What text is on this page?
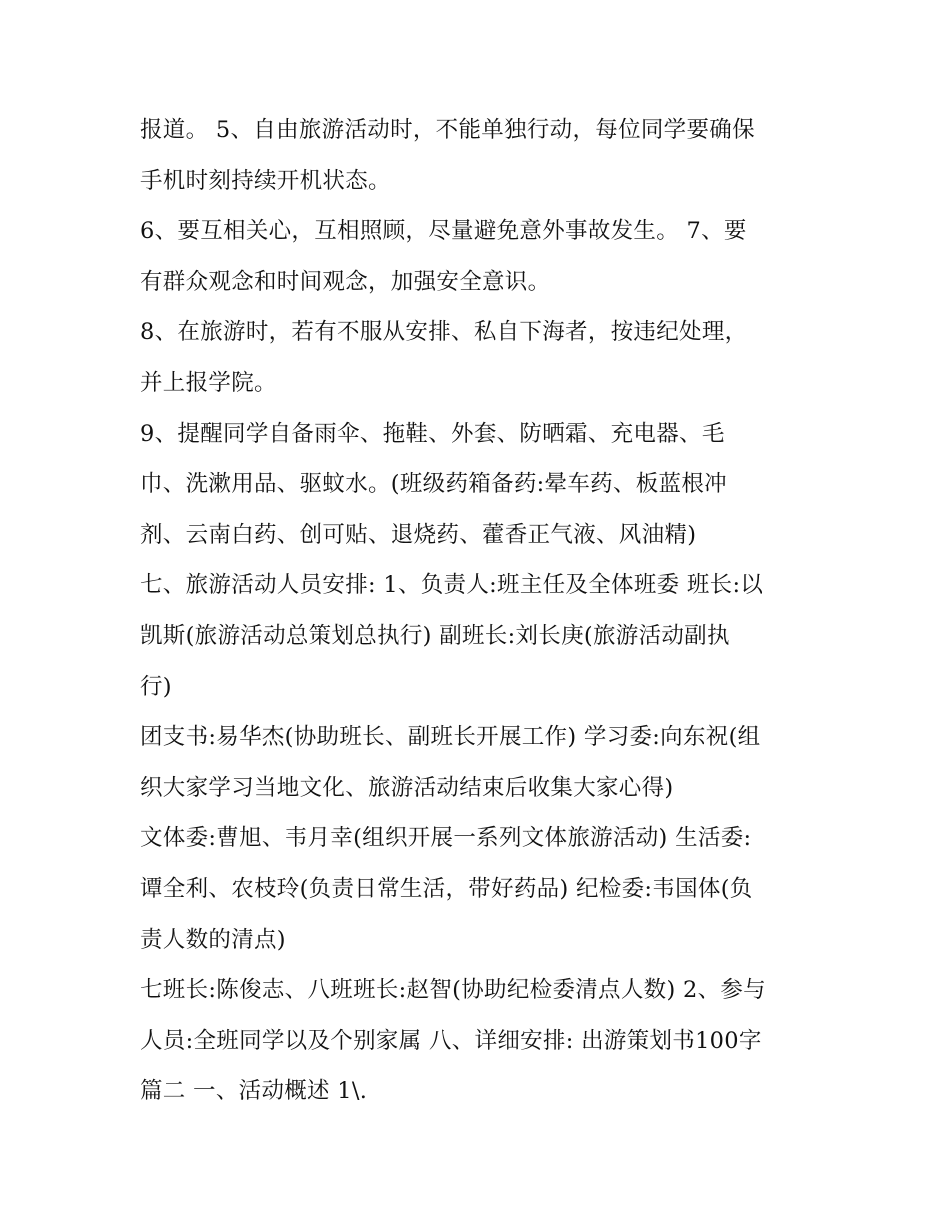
报道。 5、自由旅游活动时，不能单独行动，每位同学要确保
手机时刻持续开机状态。
6、要互相关心，互相照顾，尽量避免意外事故发生。 7、要
有群众观念和时间观念，加强安全意识。
8、在旅游时，若有不服从安排、私自下海者，按违纪处理，
并上报学院。
9、提醒同学自备雨伞、拖鞋、外套、防晒霜、充电器、毛
巾、洗漱用品、驱蚊水。(班级药箱备药:晕车药、板蓝根冲
剂、云南白药、创可贴、退烧药、藿香正气液、风油精)
七、旅游活动人员安排: 1、负责人:班主任及全体班委 班长:以
凯斯(旅游活动总策划总执行) 副班长:刘长庚(旅游活动副执
行)
团支书:易华杰(协助班长、副班长开展工作) 学习委:向东祝(组
织大家学习当地文化、旅游活动结束后收集大家心得)
文体委:曹旭、韦月幸(组织开展一系列文体旅游活动) 生活委:
谭全利、农枝玲(负责日常生活，带好药品) 纪检委:韦国体(负
责人数的清点)
七班长:陈俊志、八班班长:赵智(协助纪检委清点人数) 2、参与
人员:全班同学以及个别家属 八、详细安排: 出游策划书100字
篇二 一、活动概述 1\.
